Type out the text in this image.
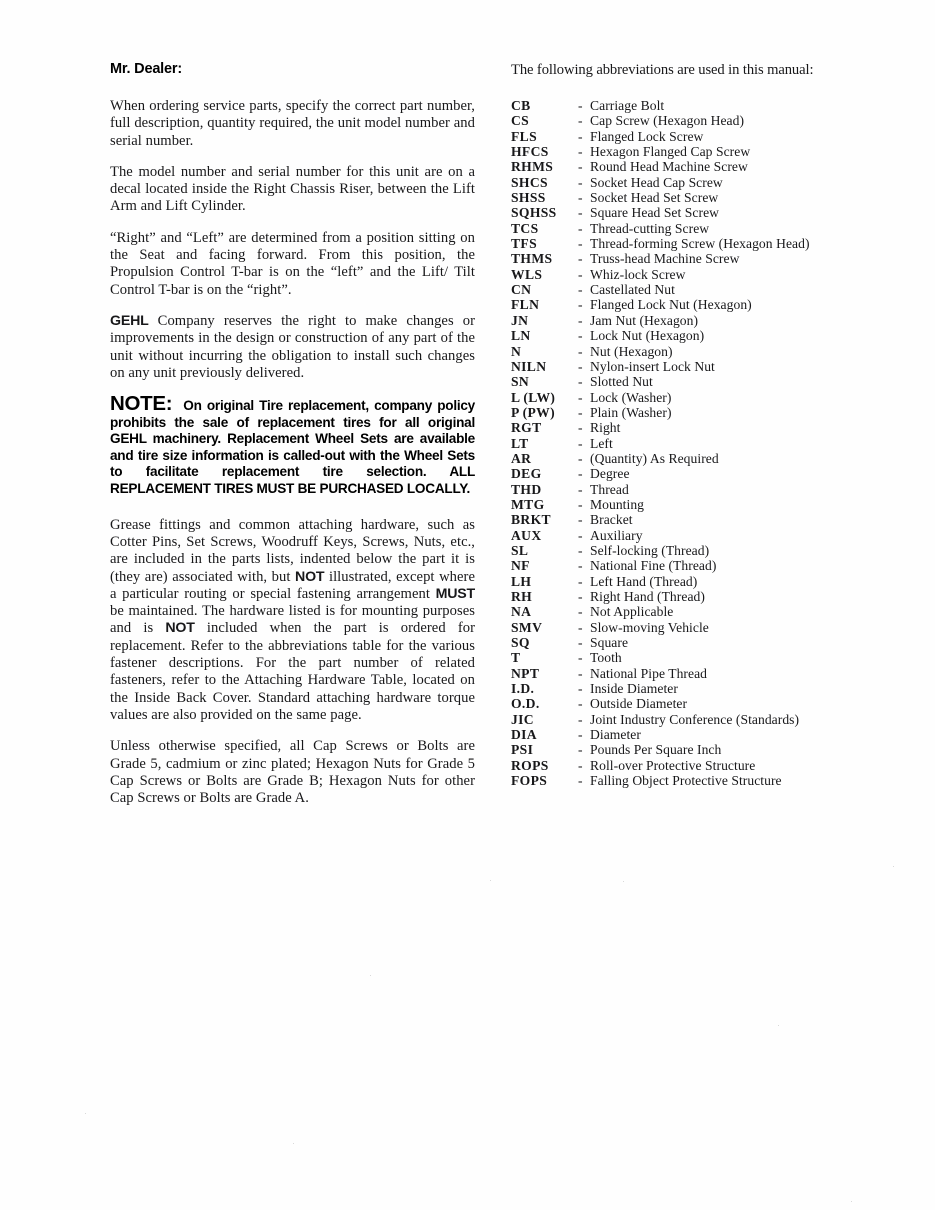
Mr. Dealer:

When ordering service parts, specify the correct part number, full description, quantity required, the unit model number and serial number.

The model number and serial number for this unit are on a decal located inside the Right Chassis Riser, between the Lift Arm and Lift Cylinder.

“Right” and “Left” are determined from a position sitting on the Seat and facing forward. From this position, the Propulsion Control T-bar is on the “left” and the Lift/ Tilt Control T-bar is on the “right”.

GEHL Company reserves the right to make changes or improvements in the design or construction of any part of the unit without incurring the obligation to install such changes on any unit previously delivered.

NOTE: On original Tire replacement, company policy prohibits the sale of replacement tires for all original GEHL machinery. Replacement Wheel Sets are available and tire size information is called-out with the Wheel Sets to facilitate replacement tire selection. ALL REPLACEMENT TIRES MUST BE PURCHASED LOCALLY.

Grease fittings and common attaching hardware, such as Cotter Pins, Set Screws, Woodruff Keys, Screws, Nuts, etc., are included in the parts lists, indented below the part it is (they are) associated with, but NOT illustrated, except where a particular routing or special fastening arrangement MUST be maintained. The hardware listed is for mounting purposes and is NOT included when the part is ordered for replacement. Refer to the abbreviations table for the various fastener descriptions. For the part number of related fasteners, refer to the Attaching Hardware Table, located on the Inside Back Cover. Standard attaching hardware torque values are also provided on the same page.

Unless otherwise specified, all Cap Screws or Bolts are Grade 5, cadmium or zinc plated; Hexagon Nuts for Grade 5 Cap Screws or Bolts are Grade B; Hexagon Nuts for other Cap Screws or Bolts are Grade A.

The following abbreviations are used in this manual:

CB	-	Carriage Bolt
CS	-	Cap Screw (Hexagon Head)
FLS	-	Flanged Lock Screw
HFCS	-	Hexagon Flanged Cap Screw
RHMS	-	Round Head Machine Screw
SHCS	-	Socket Head Cap Screw
SHSS	-	Socket Head Set Screw
SQHSS	-	Square Head Set Screw
TCS	-	Thread-cutting Screw
TFS	-	Thread-forming Screw (Hexagon Head)
THMS	-	Truss-head Machine Screw
WLS	-	Whiz-lock Screw
CN	-	Castellated Nut
FLN	-	Flanged Lock Nut (Hexagon)
JN	-	Jam Nut (Hexagon)
LN	-	Lock Nut (Hexagon)
N	-	Nut (Hexagon)
NILN	-	Nylon-insert Lock Nut
SN	-	Slotted Nut
L (LW)	-	Lock (Washer)
P (PW)	-	Plain (Washer)
RGT	-	Right
LT	-	Left
AR	-	(Quantity) As Required
DEG	-	Degree
THD	-	Thread
MTG	-	Mounting
BRKT	-	Bracket
AUX	-	Auxiliary
SL	-	Self-locking (Thread)
NF	-	National Fine (Thread)
LH	-	Left Hand (Thread)
RH	-	Right Hand (Thread)
NA	-	Not Applicable
SMV	-	Slow-moving Vehicle
SQ	-	Square
T	-	Tooth
NPT	-	National Pipe Thread
I.D.	-	Inside Diameter
O.D.	-	Outside Diameter
JIC	-	Joint Industry Conference (Standards)
DIA	-	Diameter
PSI	-	Pounds Per Square Inch
ROPS	-	Roll-over Protective Structure
FOPS	-	Falling Object Protective Structure
